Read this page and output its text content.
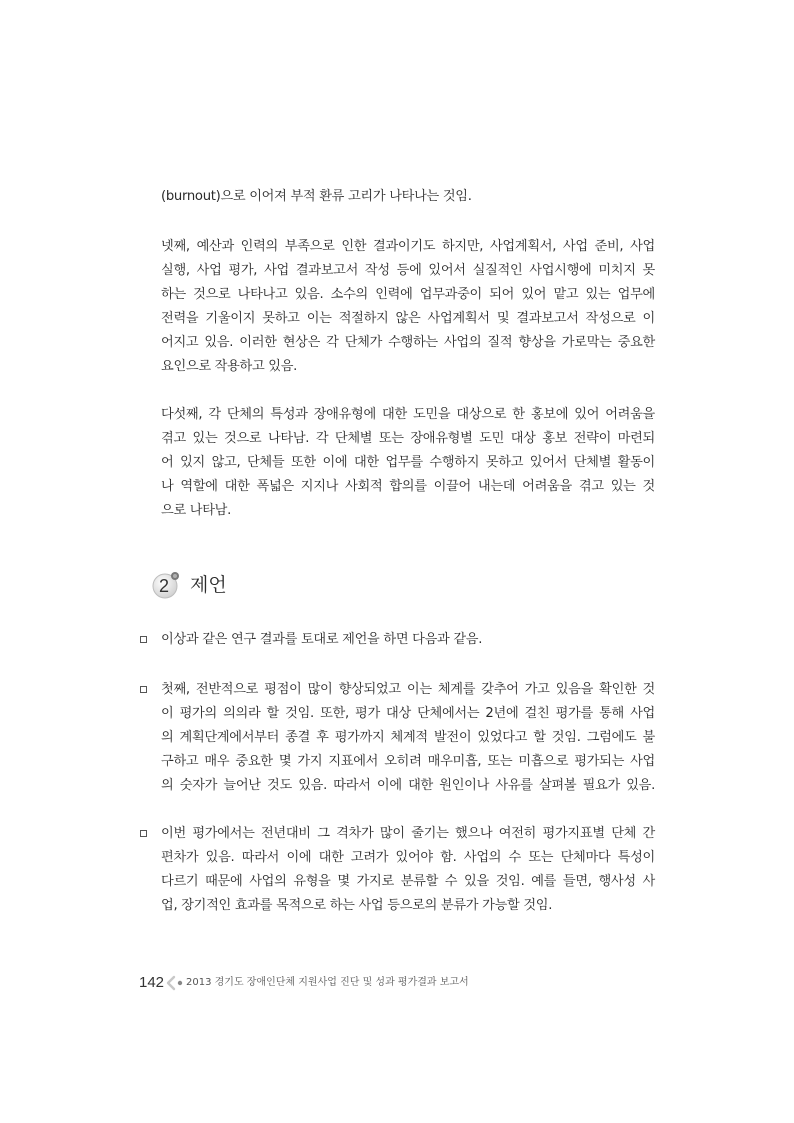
(burnout)으로 이어져 부적 환류 고리가 나타나는 것임.
넷째, 예산과 인력의 부족으로 인한 결과이기도 하지만, 사업계획서, 사업 준비, 사업
실행, 사업 평가, 사업 결과보고서 작성 등에 있어서 실질적인 사업시행에 미치지 못
하는 것으로 나타나고 있음. 소수의 인력에 업무과중이 되어 있어 맡고 있는 업무에
전력을 기울이지 못하고 이는 적절하지 않은 사업계획서 및 결과보고서 작성으로 이
어지고 있음. 이러한 현상은 각 단체가 수행하는 사업의 질적 향상을 가로막는 중요한
요인으로 작용하고 있음.
다섯째, 각 단체의 특성과 장애유형에 대한 도민을 대상으로 한 홍보에 있어 어려움을
겪고 있는 것으로 나타남. 각 단체별 또는 장애유형별 도민 대상 홍보 전략이 마련되
어 있지 않고, 단체들 또한 이에 대한 업무를 수행하지 못하고 있어서 단체별 활동이
나 역할에 대한 폭넓은 지지나 사회적 합의를 이끌어 내는데 어려움을 겪고 있는 것
으로 나타남.
2 제언
이상과 같은 연구 결과를 토대로 제언을 하면 다음과 같음.
첫째, 전반적으로 평점이 많이 향상되었고 이는 체계를 갖추어 가고 있음을 확인한 것
이 평가의 의의라 할 것임. 또한, 평가 대상 단체에서는 2년에 걸친 평가를 통해 사업
의 계획단계에서부터 종결 후 평가까지 체계적 발전이 있었다고 할 것임. 그럼에도 불
구하고 매우 중요한 몇 가지 지표에서 오히려 매우미흡, 또는 미흡으로 평가되는 사업
의 숫자가 늘어난 것도 있음. 따라서 이에 대한 원인이나 사유를 살펴볼 필요가 있음.
이번 평가에서는 전년대비 그 격차가 많이 줄기는 했으나 여전히 평가지표별 단체 간
편차가 있음. 따라서 이에 대한 고려가 있어야 함. 사업의 수 또는 단체마다 특성이
다르기 때문에 사업의 유형을 몇 가지로 분류할 수 있을 것임. 예를 들면, 행사성 사
업, 장기적인 효과를 목적으로 하는 사업 등으로의 분류가 가능할 것임.
142 2013 경기도 장애인단체 지원사업 진단 및 성과 평가결과 보고서
